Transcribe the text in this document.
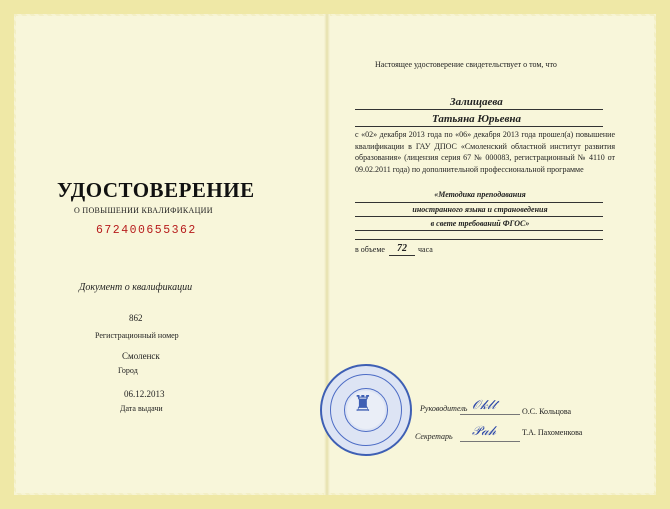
УДОСТОВЕРЕНИЕ
О ПОВЫШЕНИИ КВАЛИФИКАЦИИ
672400655362
Документ о квалификации
862
Регистрационный номер
Смоленск
Город
06.12.2013
Дата выдачи
Настоящее удостоверение свидетельствует о том, что
Залищаева
Татьяна Юрьевна
с «02» декабря 2013 года по «06» декабря 2013 года прошел(а) повышение квалификации в ГАУ ДПОС «Смоленский областной институт развития образования» (лицензия серия 67 № 000083, регистрационный № 4110 от 09.02.2011 года) по дополнительной профессиональной программе
«Методика преподавания
иностранного языка и страноведения
в свете требований ФГОС»
в объеме 72 часа
♜	Руководитель 𝒪𝓀𝓁𝓉	О.С. Кольцова
Секретарь 𝒫𝒶𝒽	Т.А. Пахоменкова
